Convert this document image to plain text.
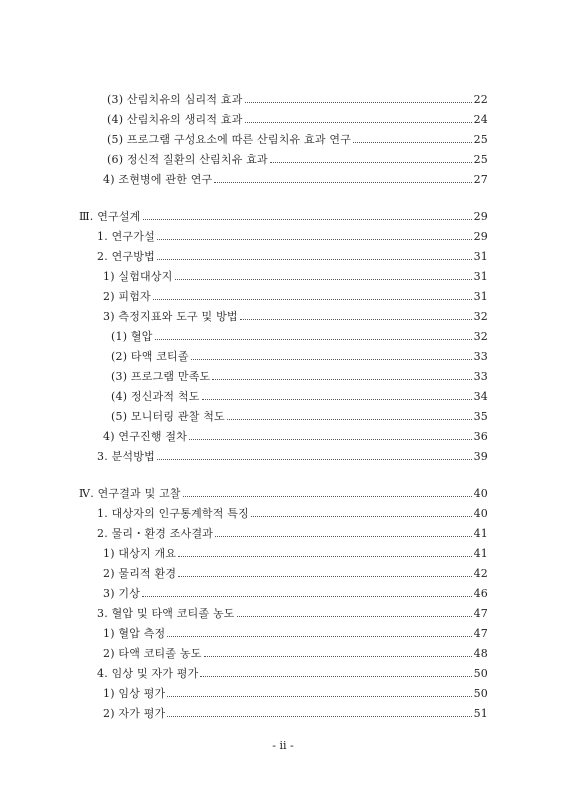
(3) 산림치유의 심리적 효과	22
(4) 산림치유의 생리적 효과	24
(5) 프로그램 구성요소에 따른 산림치유 효과 연구	25
(6) 정신적 질환의 산림치유 효과	25
4) 조현병에 관한 연구	27
Ⅲ. 연구설계	29
1. 연구가설	29
2. 연구방법	31
1) 실험대상지	31
2) 피험자	31
3) 측정지표와 도구 및 방법	32
(1) 혈압	32
(2) 타액 코티졸	33
(3) 프로그램 만족도	33
(4) 정신과적 척도	34
(5) 모니터링 관찰 척도	35
4) 연구진행 절차	36
3. 분석방법	39
Ⅳ. 연구결과 및 고찰	40
1. 대상자의 인구통계학적 특징	40
2. 물리・환경 조사결과	41
1) 대상지 개요	41
2) 물리적 환경	42
3) 기상	46
3. 혈압 및 타액 코티졸 농도	47
1) 혈압 측정	47
2) 타액 코티졸 농도	48
4. 임상 및 자가 평가	50
1) 임상 평가	50
2) 자가 평가	51
- ii -
